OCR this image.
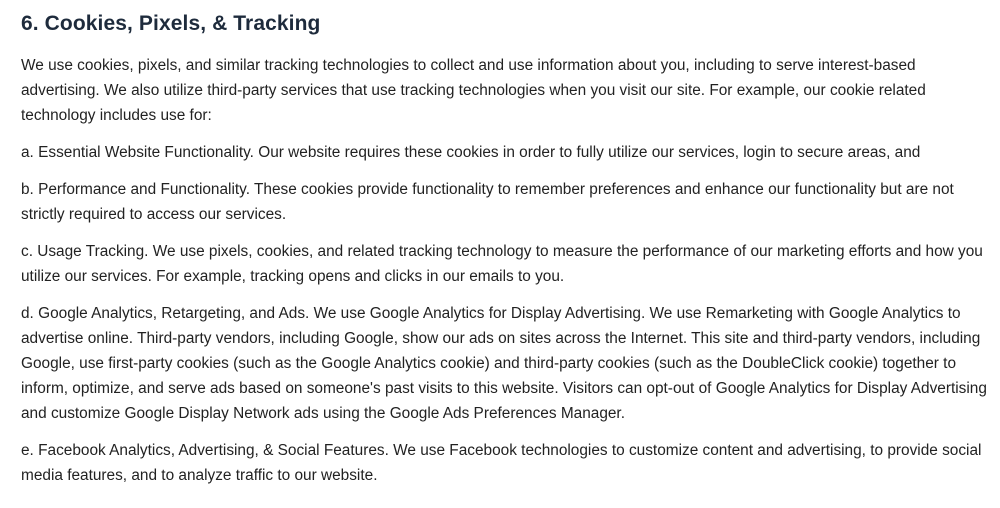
6. Cookies, Pixels, & Tracking

We use cookies, pixels, and similar tracking technologies to collect and use information about you, including to serve interest-based advertising. We also utilize third-party services that use tracking technologies when you visit our site. For example, our cookie related technology includes use for:

a. Essential Website Functionality. Our website requires these cookies in order to fully utilize our services, login to secure areas, and

b. Performance and Functionality. These cookies provide functionality to remember preferences and enhance our functionality but are not strictly required to access our services.

c. Usage Tracking. We use pixels, cookies, and related tracking technology to measure the performance of our marketing efforts and how you utilize our services. For example, tracking opens and clicks in our emails to you.

d. Google Analytics, Retargeting, and Ads. We use Google Analytics for Display Advertising. We use Remarketing with Google Analytics to advertise online. Third-party vendors, including Google, show our ads on sites across the Internet. This site and third-party vendors, including Google, use first-party cookies (such as the Google Analytics cookie) and third-party cookies (such as the DoubleClick cookie) together to inform, optimize, and serve ads based on someone's past visits to this website. Visitors can opt-out of Google Analytics for Display Advertising and customize Google Display Network ads using the Google Ads Preferences Manager.

e. Facebook Analytics, Advertising, & Social Features. We use Facebook technologies to customize content and advertising, to provide social media features, and to analyze traffic to our website.
